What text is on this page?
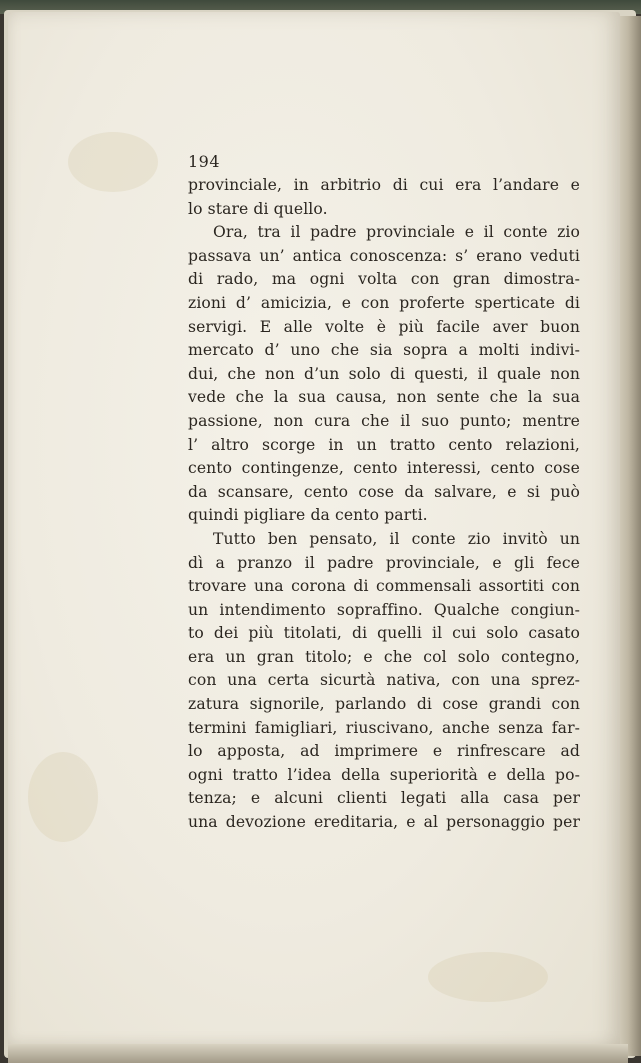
194
provinciale, in arbitrio di cui era l’andare e
lo stare di quello.
Ora, tra il padre provinciale e il conte zio
passava un’ antica conoscenza: s’ erano veduti
di rado, ma ogni volta con gran dimostra-
zioni d’ amicizia, e con proferte sperticate di
servigi. E alle volte è più facile aver buon
mercato d’ uno che sia sopra a molti indivi-
dui, che non d’un solo di questi, il quale non
vede che la sua causa, non sente che la sua
passione, non cura che il suo punto; mentre
l’ altro scorge in un tratto cento relazioni,
cento contingenze, cento interessi, cento cose
da scansare, cento cose da salvare, e si può
quindi pigliare da cento parti.
Tutto ben pensato, il conte zio invitò un
dì a pranzo il padre provinciale, e gli fece
trovare una corona di commensali assortiti con
un intendimento sopraffino. Qualche congiun-
to dei più titolati, di quelli il cui solo casato
era un gran titolo; e che col solo contegno,
con una certa sicurtà nativa, con una sprez-
zatura signorile, parlando di cose grandi con
termini famigliari, riuscivano, anche senza far-
lo apposta, ad imprimere e rinfrescare ad
ogni tratto l’idea della superiorità e della po-
tenza; e alcuni clienti legati alla casa per
una devozione ereditaria, e al personaggio per
